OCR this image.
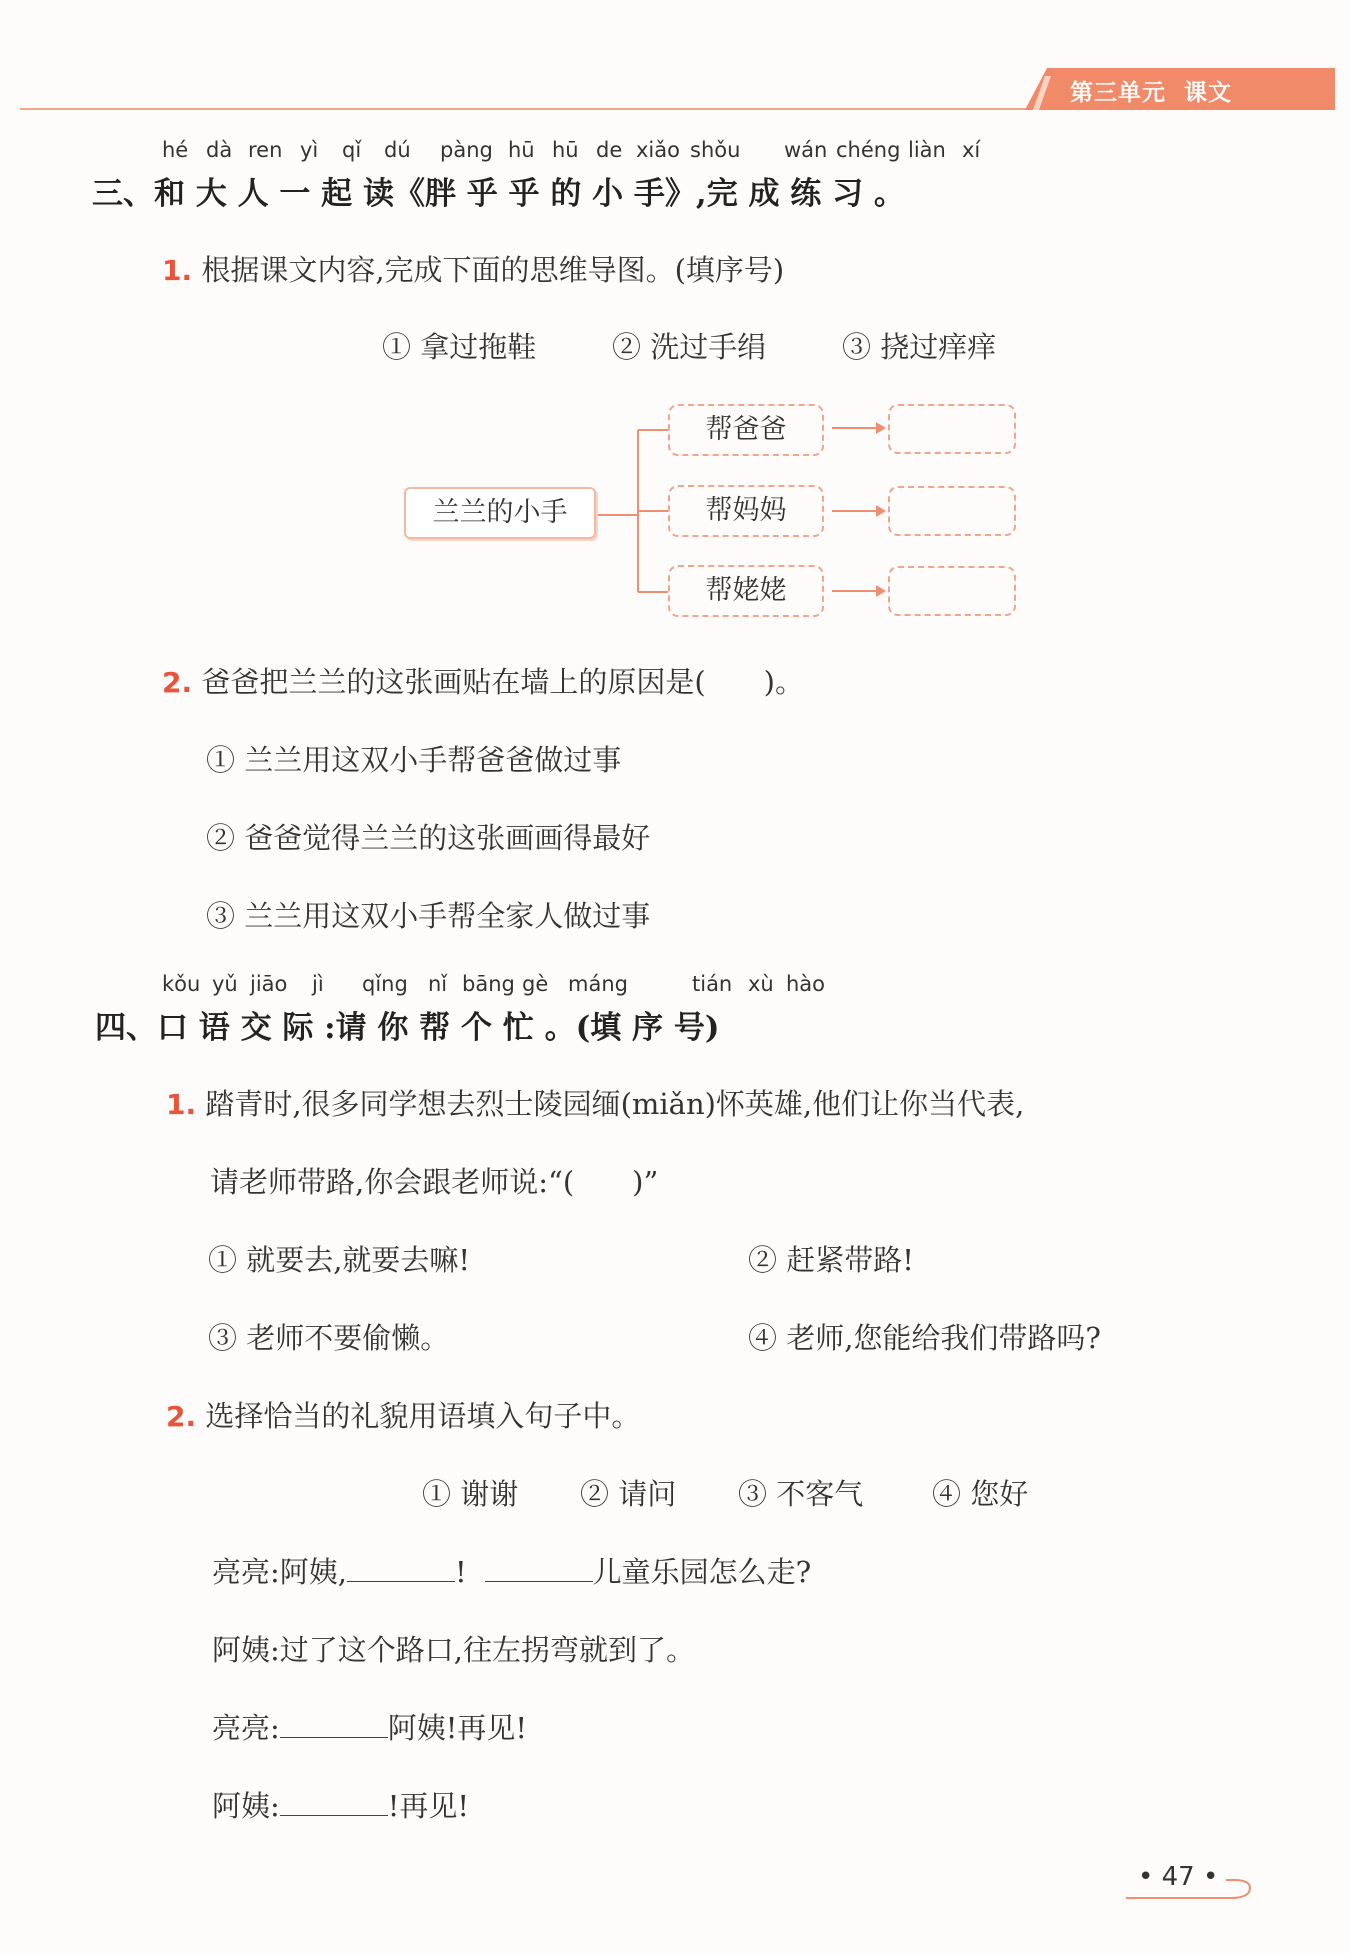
第三单元 课文
hé dà ren yì qǐ dú pàng hū hū de xiǎo shǒu wán chéng liàn xí
三、和 大 人 一 起 读《胖 乎 乎 的 小 手》,完 成 练 习 。
1. 根据课文内容,完成下面的思维导图。(填序号)
① 拿过拖鞋	② 洗过手绢	③ 挠过痒痒
兰兰的小手
帮爸爸
帮妈妈
帮姥姥
2. 爸爸把兰兰的这张画贴在墙上的原因是(　　)。
① 兰兰用这双小手帮爸爸做过事
② 爸爸觉得兰兰的这张画画得最好
③ 兰兰用这双小手帮全家人做过事
kǒu yǔ jiāo jì qǐng nǐ bāng gè máng	tián xù hào
四、口 语 交 际 :请 你 帮 个 忙 。(填 序 号)
1. 踏青时,很多同学想去烈士陵园缅(miǎn)怀英雄,他们让你当代表,
请老师带路,你会跟老师说:“(　　)”
① 就要去,就要去嘛!	② 赶紧带路!
③ 老师不要偷懒。	④ 老师,您能给我们带路吗?
2. 选择恰当的礼貌用语填入句子中。
① 谢谢 ② 请问 ③ 不客气 ④ 您好
亮亮:阿姨,	!	儿童乐园怎么走?
阿姨:过了这个路口,往左拐弯就到了。
亮亮:	阿姨!再见!
阿姨:	!再见!
• 47 •
